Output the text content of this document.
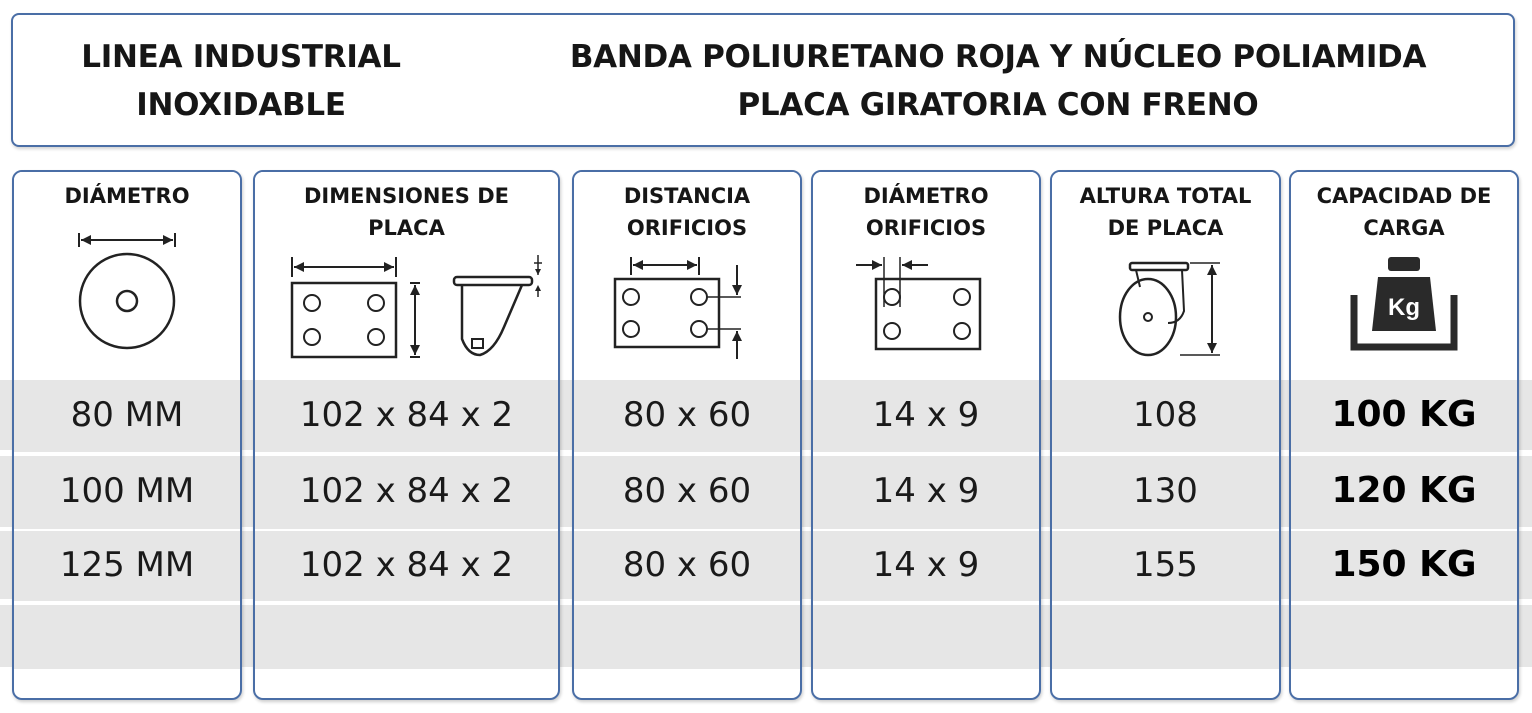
LINEA INDUSTRIAL
INOXIDABLE
BANDA POLIURETANO ROJA Y NÚCLEO POLIAMIDA
PLACA GIRATORIA CON FRENO
DIÁMETRO
80 MM
100 MM
125 MM
DIMENSIONES DE
PLACA
102 x 84 x 2
102 x 84 x 2
102 x 84 x 2
DISTANCIA
ORIFICIOS
80 x 60
80 x 60
80 x 60
DIÁMETRO
ORIFICIOS
14 x 9
14 x 9
14 x 9
ALTURA TOTAL
DE PLACA
108
130
155
CAPACIDAD DE
CARGA
Kg
100 KG
120 KG
150 KG
